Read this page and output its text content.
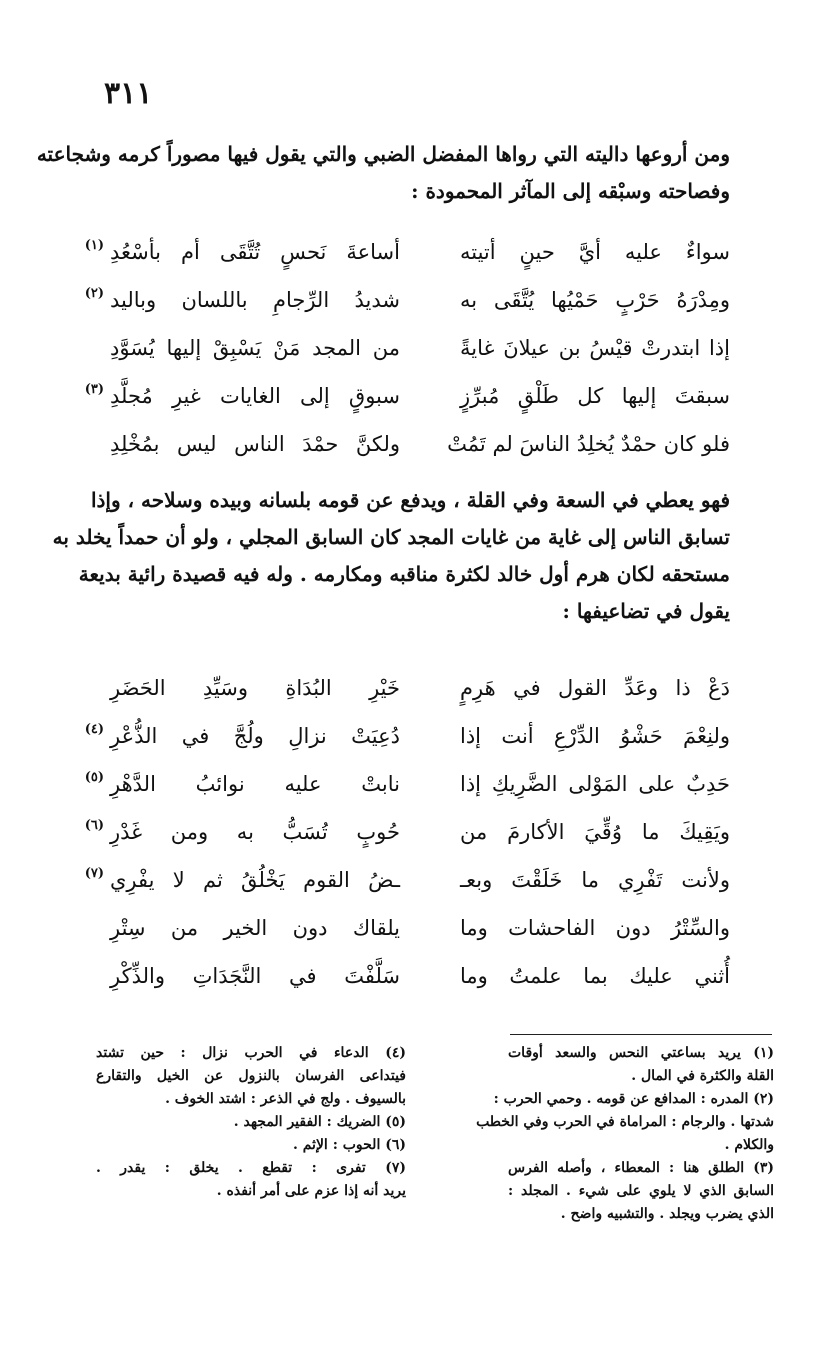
٣١١
ومن أروعها داليته التي رواها المفضل الضبي والتي يقول فيها مصوراً كرمه وشجاعته
وفصاحته وسبْقه إلى المآثر المحمودة :
سواءٌ عليه أيَّ حينٍ أتيته
أساعةَ نَحسٍ تُتَّقَى أم بأسْعُدِ
(١)
ومِدْرَهُ حَرْبٍ حَمْيُها يُتَّقَى به
شديدُ الرِّجامِ باللسان وباليد
(٢)
إذا ابتدرتْ قيْسُ بن عيلانَ غايةً
من المجد مَنْ يَسْبِقْ إليها يُسَوَّدِ
سبقتَ إليها كل طَلْقٍ مُبرِّزٍ
سبوقٍ إلى الغايات غيرِ مُجلَّدِ
(٣)
فلو كان حمْدٌ يُخلِدُ الناسَ لم تَمُتْ
ولكنَّ حمْدَ الناس ليس بمُخْلِدِ
فهو يعطي في السعة وفي القلة ، ويدفع عن قومه بلسانه وبيده وسلاحه ، وإذا
تسابق الناس إلى غاية من غايات المجد كان السابق المجلي ، ولو أن حمداً يخلد به
مستحقه لكان هرم أول خالد لكثرة مناقبه ومكارمه . وله فيه قصيدة رائية بديعة
يقول في تضاعيفها :
دَعْ ذا وعَدِّ القول في هَرِمٍ
خَيْرِ البُدَاةِ وسَيِّدِ الحَضَرِ
ولنِعْمَ حَشْوُ الدِّرْعِ أنت إذا
دُعِيَتْ نزالِ ولُجَّ في الذُّعْرِ
(٤)
حَدِبٌ على المَوْلى الضَّرِيكِ إذا
نابتْ عليه نوائبُ الدَّهْرِ
(٥)
ويَقِيكَ ما وُقِّيَ الأكارمَ من
حُوبٍ تُسَبُّ به ومن غَدْرِ
(٦)
ولأنت تَفْرِي ما خَلَقْتَ وبعـ
ـضُ القوم يَخْلُقُ ثم لا يفْرِي
(٧)
والسِّتْرُ دون الفاحشات وما
يلقاك دون الخير من سِتْرِ
أُثني عليك بما علمتُ وما
سَلَّفْتَ في النَّجَدَاتِ والذِّكْرِ
(١) يريد بساعتي النحس والسعد أوقات
القلة والكثرة في المال .
(٢) المدره : المدافع عن قومه . وحمي الحرب :
شدتها . والرجام : المراماة في الحرب وفي الخطب
والكلام .
(٣) الطلق هنا : المعطاء ، وأصله الفرس
السابق الذي لا يلوي على شيء . المجلد :
الذي يضرب ويجلد . والتشبيه واضح .
(٤) الدعاء في الحرب نزال : حين تشتد
فيتداعى الفرسان بالنزول عن الخيل والتقارع
بالسيوف . ولج في الذعر : اشتد الخوف .
(٥) الضريك : الفقير المجهد .
(٦) الحوب : الإثم .
(٧) تفرى : تقطع . يخلق : يقدر .
يريد أنه إذا عزم على أمر أنفذه .
